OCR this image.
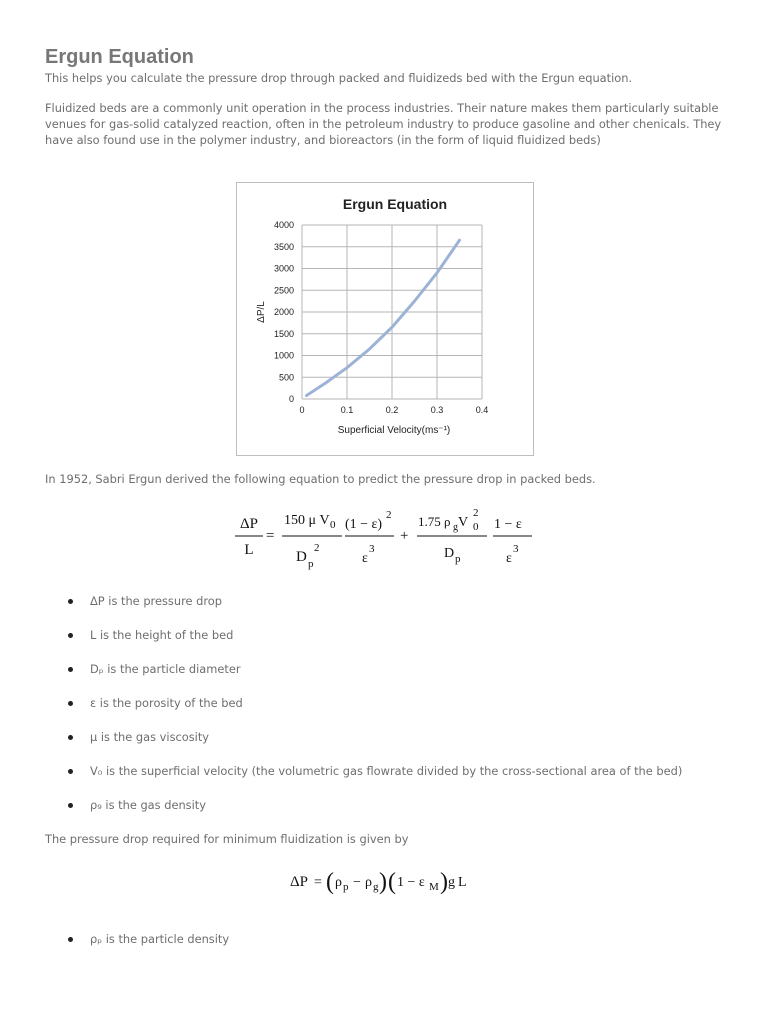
Ergun Equation

This helps you calculate the pressure drop through packed and fluidizeds bed with the Ergun equation.

Fluidized beds are a commonly unit operation in the process industries. Their nature makes them particularly suitable
venues for gas-solid catalyzed reaction, often in the petroleum industry to produce gasoline and other chenicals. They
have also found use in the polymer industry, and bioreactors (in the form of liquid fluidized beds)
Ergun Equation
0
500
1000
1500
2000
2500
3000
3500
4000
0	0.1	0.2	0.3	0.4
Superficial Velocity(ms⁻¹)
ΔP/L

In 1952, Sabri Ergun derived the following equation to predict the pressure drop in packed beds.

ΔP
L
=
150 μ V 0
D p
2
(1 − ε)
2
ε
3
+
1.75 ρ g V 0
2
D p
1 − ε
ε
3
ΔP is the pressure drop
L is the height of the bed
Dₚ is the particle diameter
ε is the porosity of the bed
μ is the gas viscosity
V₀ is the superficial velocity (the volumetric gas flowrate divided by the cross-sectional area of the bed)
ρ₉ is the gas density

The pressure drop required for minimum fluidization is given by

ΔP = ( ρ p − ρ g ) ( 1 − ε M ) g L
ρₚ is the particle density
